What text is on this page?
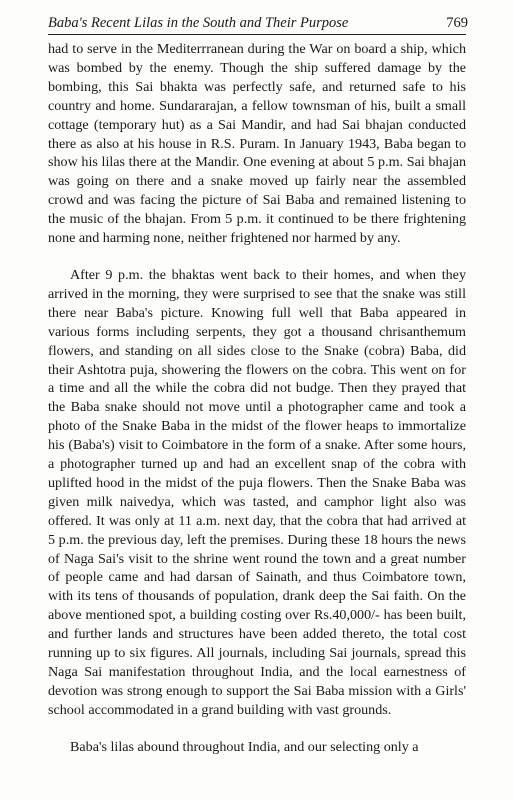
Baba's Recent Lilas in the South and Their Purpose	769

had to serve in the Mediterrranean during the War on board a ship, which was bombed by the enemy. Though the ship suffered damage by the bombing, this Sai bhakta was perfectly safe, and returned safe to his country and home. Sundararajan, a fellow townsman of his, built a small cottage (temporary hut) as a Sai Mandir, and had Sai bhajan conducted there as also at his house in R.S. Puram. In January 1943, Baba began to show his lilas there at the Mandir. One evening at about 5 p.m. Sai bhajan was going on there and a snake moved up fairly near the assembled crowd and was facing the picture of Sai Baba and remained listening to the music of the bhajan. From 5 p.m. it continued to be there frightening none and harming none, neither frightened nor harmed by any.

After 9 p.m. the bhaktas went back to their homes, and when they arrived in the morning, they were surprised to see that the snake was still there near Baba's picture. Knowing full well that Baba appeared in various forms including serpents, they got a thousand chrisanthemum flowers, and standing on all sides close to the Snake (cobra) Baba, did their Ashtotra puja, showering the flowers on the cobra. This went on for a time and all the while the cobra did not budge. Then they prayed that the Baba snake should not move until a photographer came and took a photo of the Snake Baba in the midst of the flower heaps to immortalize his (Baba's) visit to Coimbatore in the form of a snake. After some hours, a photographer turned up and had an excellent snap of the cobra with uplifted hood in the midst of the puja flowers. Then the Snake Baba was given milk naivedya, which was tasted, and camphor light also was offered. It was only at 11 a.m. next day, that the cobra that had arrived at 5 p.m. the previous day, left the premises. During these 18 hours the news of Naga Sai's visit to the shrine went round the town and a great number of people came and had darsan of Sainath, and thus Coimbatore town, with its tens of thousands of population, drank deep the Sai faith. On the above mentioned spot, a building costing over Rs.40,000/- has been built, and further lands and structures have been added thereto, the total cost running up to six figures. All journals, including Sai journals, spread this Naga Sai manifestation throughout India, and the local earnestness of devotion was strong enough to support the Sai Baba mission with a Girls' school accommodated in a grand building with vast grounds.

Baba's lilas abound throughout India, and our selecting only a
